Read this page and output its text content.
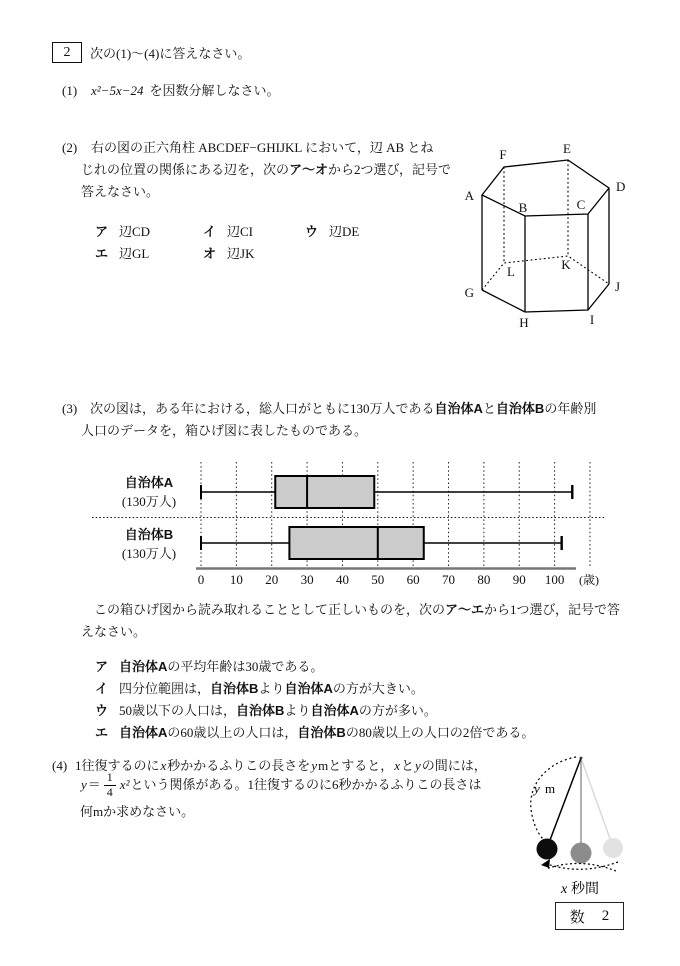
2 次の(1)～(4)に答えなさい。
(1) x²−5x−24 を因数分解しなさい。
(2) 右の図の正六角柱 ABCDEF−GHIJKL において，辺 AB とね
じれの位置の関係にある辺を，次のア～オから2つ選び，記号で
答えなさい。
ア 辺CD	イ 辺CI	ウ 辺DE
エ 辺GL	オ 辺JK
A
B	C
D
E
F
G
H	I
J
K
L
(3) 次の図は，ある年における，総人口がともに130万人である自治体Aと自治体Bの年齢別
人口のデータを，箱ひげ図に表したものである。
自治体A
(130万人)
自治体B
(130万人)
0 10 20 30 40 50 60 70 80 90 100 (歳)
この箱ひげ図から読み取れることとして正しいものを，次のア～エから1つ選び，記号で答
えなさい。
ア 自治体Aの平均年齢は30歳である。
イ 四分位範囲は，自治体Bより自治体Aの方が大きい。
ウ 50歳以下の人口は，自治体Bより自治体Aの方が多い。
エ 自治体Aの60歳以上の人口は，自治体Bの80歳以上の人口の2倍である。
(4) 1往復するのにx秒かかるふりこの長さをymとすると，xとyの間には，
$y = \frac{1}{4} x^2$ という関係がある。1往復するのに6秒かかるふりこの長さは
何mか求めなさい。
y m
x 秒間
数 2
